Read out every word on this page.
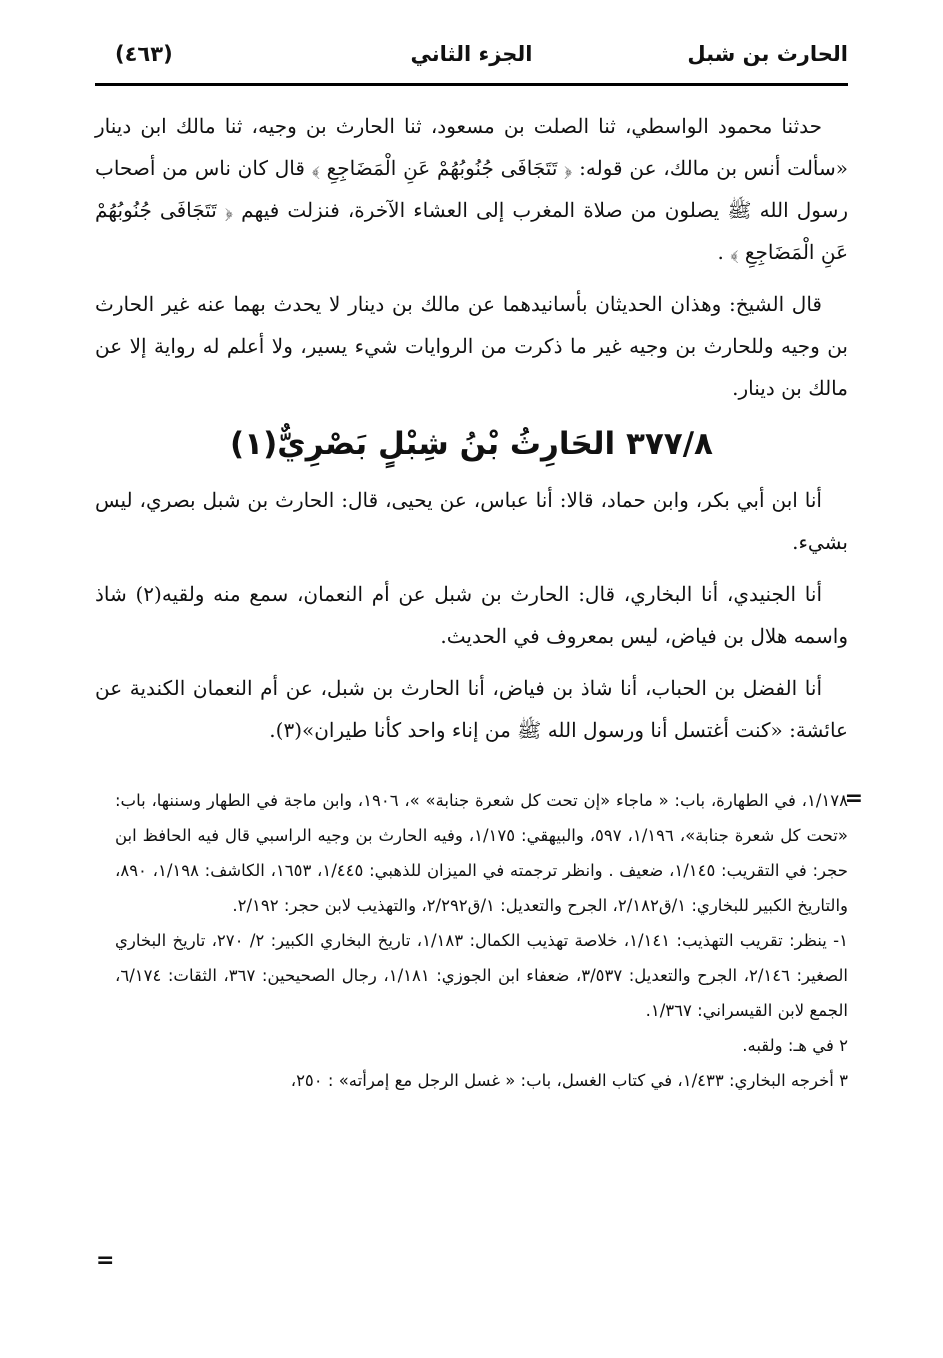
الحارث بن شبل
الجزء الثاني
(٤٦٣)

حدثنا محمود الواسطي، ثنا الصلت بن مسعود، ثنا الحارث بن وجيه، ثنا مالك ابن دينار «سألت أنس بن مالك، عن قوله: ﴿ تَتَجَافَى جُنُوبُهُمْ عَنِ الْمَضَاجِعِ ﴾ قال كان ناس من أصحاب رسول الله ﷺ يصلون من صلاة المغرب إلى العشاء الآخرة، فنزلت فيهم ﴿ تَتَجَافَى جُنُوبُهُمْ عَنِ الْمَضَاجِعِ ﴾ .

قال الشيخ: وهذان الحديثان بأسانيدهما عن مالك بن دينار لا يحدث بهما عنه غير الحارث بن وجيه وللحارث بن وجيه غير ما ذكرت من الروايات شيء يسير، ولا أعلم له رواية إلا عن مالك بن دينار.

٣٧٧/٨ الحَارِثُ بْنُ شِبْلٍ بَصْرِيٌّ(١)

أنا ابن أبي بكر، وابن حماد، قالا: أنا عباس، عن يحيى، قال: الحارث بن شبل بصري، ليس بشيء.

أنا الجنيدي، أنا البخاري، قال: الحارث بن شبل عن أم النعمان، سمع منه ولقيه(٢) شاذ واسمه هلال بن فياض، ليس بمعروف في الحديث.

أنا الفضل بن الحباب، أنا شاذ بن فياض، أنا الحارث بن شبل، عن أم النعمان الكندية عن عائشة: «كنت أغتسل أنا ورسول الله ﷺ من إناء واحد كأنا طيران»(٣).

=

١/١٧٨، في الطهارة، باب: « ماجاء «إن تحت كل شعرة جنابة» »، ١٩٠٦، وابن ماجة في الطهار وسننها، باب: «تحت كل شعرة جنابة»، ١/١٩٦، ٥٩٧، والبيهقي: ١/١٧٥، وفيه الحارث بن وجيه الراسبي قال فيه الحافظ ابن حجر: في التقريب: ١/١٤٥، ضعيف . وانظر ترجمته في الميزان للذهبي: ١/٤٤٥، ١٦٥٣، الكاشف: ١/١٩٨، ٨٩٠، والتاريخ الكبير للبخاري: ١/ق٢/١٨٢، الجرح والتعديل: ١/ق٢/٢٩٢، والتهذيب لابن حجر: ٢/١٩٢.

١- ينظر: تقريب التهذيب: ١/١٤١، خلاصة تهذيب الكمال: ١/١٨٣، تاريخ البخاري الكبير: ٢/ ٢٧٠، تاريخ البخاري الصغير: ٢/١٤٦، الجرح والتعديل: ٣/٥٣٧، ضعفاء ابن الجوزي: ١/١٨١، رجال الصحيحين: ٣٦٧، الثقات: ٦/١٧٤، الجمع لابن القيسراني: ١/٣٦٧.

٢ في هـ: ولقبه.

٣ أخرجه البخاري: ١/٤٣٣، في كتاب الغسل، باب: « غسل الرجل مع إمرأته» : ٢٥٠،

=
